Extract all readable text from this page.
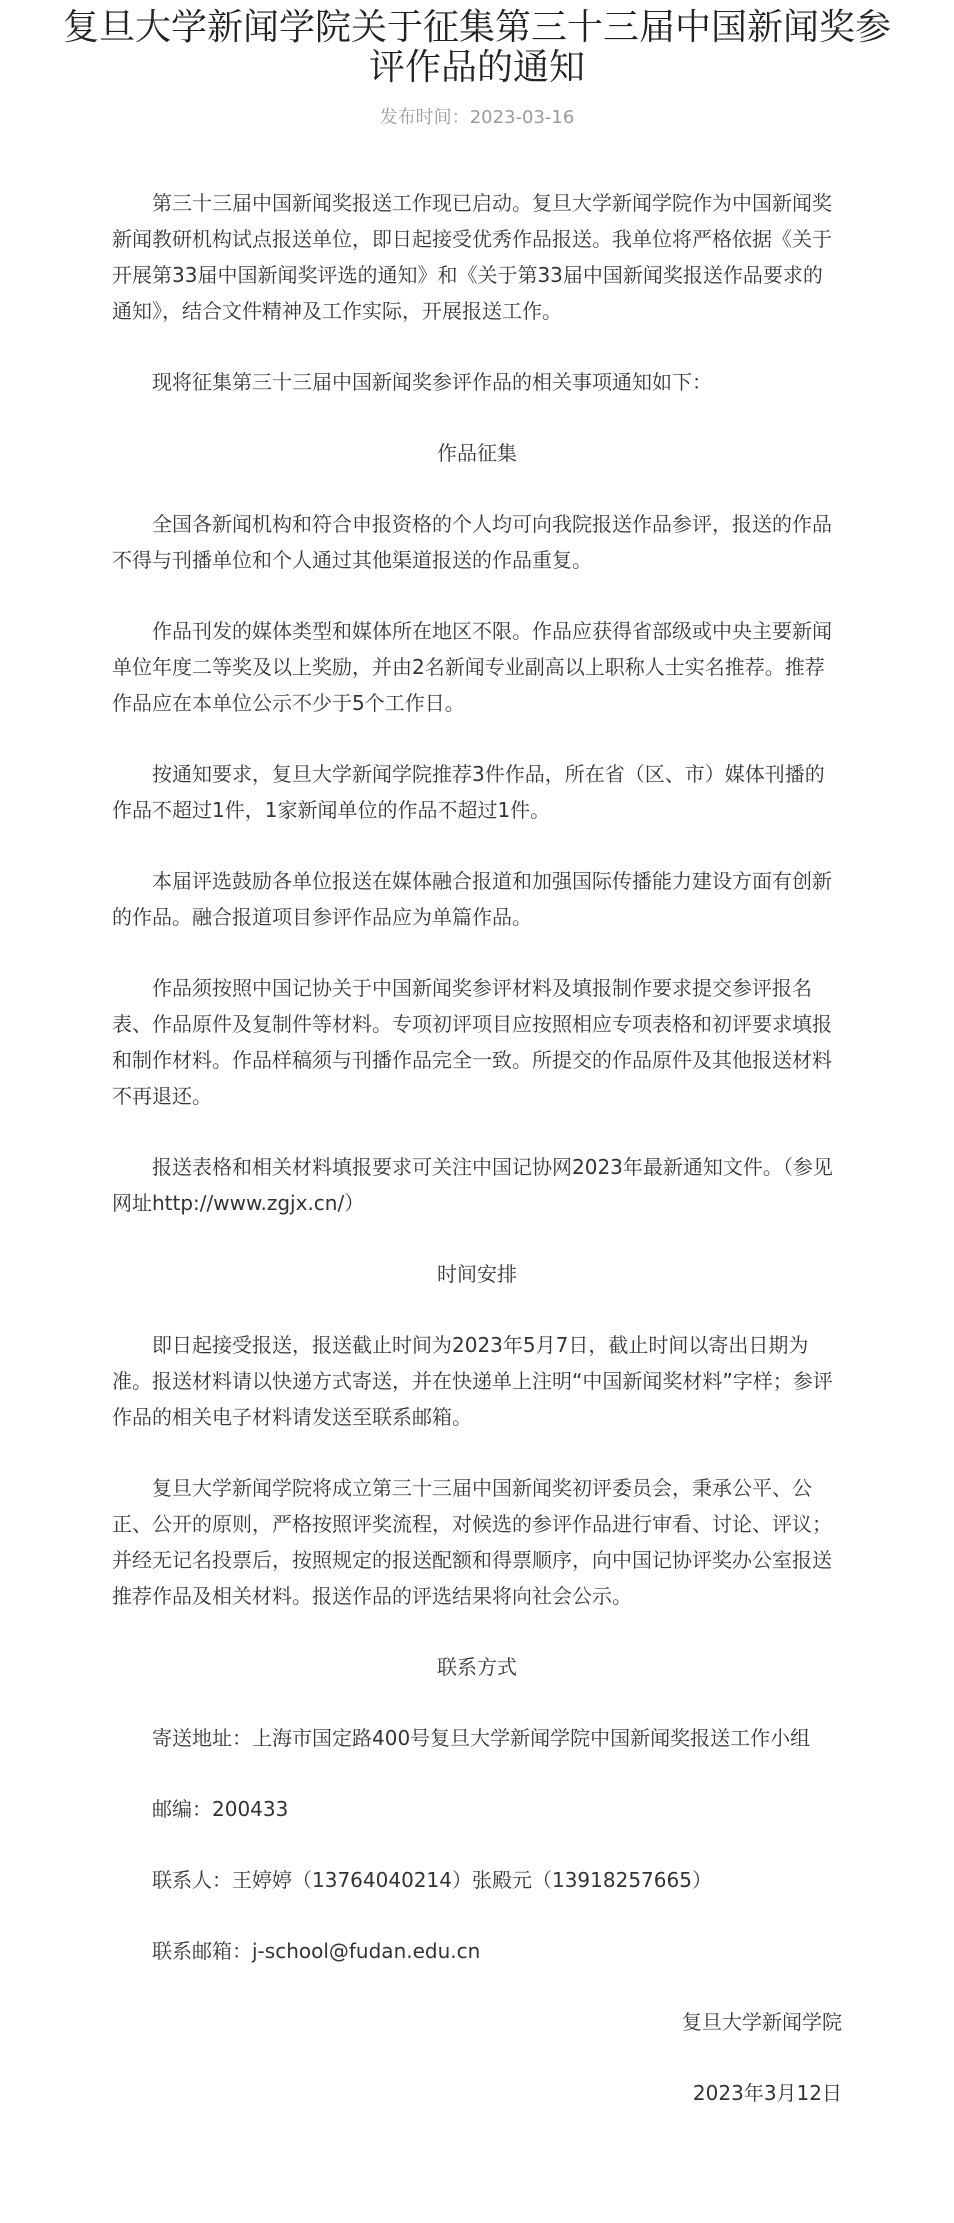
复旦大学新闻学院关于征集第三十三届中国新闻奖参评作品的通知
发布时间：2023-03-16

第三十三届中国新闻奖报送工作现已启动。复旦大学新闻学院作为中国新闻奖新闻教研机构试点报送单位，即日起接受优秀作品报送。我单位将严格依据《关于开展第33届中国新闻奖评选的通知》和《关于第33届中国新闻奖报送作品要求的通知》，结合文件精神及工作实际，开展报送工作。

现将征集第三十三届中国新闻奖参评作品的相关事项通知如下：

作品征集

全国各新闻机构和符合申报资格的个人均可向我院报送作品参评，报送的作品不得与刊播单位和个人通过其他渠道报送的作品重复。

作品刊发的媒体类型和媒体所在地区不限。作品应获得省部级或中央主要新闻单位年度二等奖及以上奖励，并由2名新闻专业副高以上职称人士实名推荐。推荐作品应在本单位公示不少于5个工作日。

按通知要求，复旦大学新闻学院推荐3件作品，所在省（区、市）媒体刊播的作品不超过1件，1家新闻单位的作品不超过1件。

本届评选鼓励各单位报送在媒体融合报道和加强国际传播能力建设方面有创新的作品。融合报道项目参评作品应为单篇作品。

作品须按照中国记协关于中国新闻奖参评材料及填报制作要求提交参评报名表、作品原件及复制件等材料。专项初评项目应按照相应专项表格和初评要求填报和制作材料。作品样稿须与刊播作品完全一致。所提交的作品原件及其他报送材料不再退还。

报送表格和相关材料填报要求可关注中国记协网2023年最新通知文件。（参见网址http://www.zgjx.cn/）

时间安排

即日起接受报送，报送截止时间为2023年5月7日，截止时间以寄出日期为准。报送材料请以快递方式寄送，并在快递单上注明“中国新闻奖材料”字样；参评作品的相关电子材料请发送至联系邮箱。

复旦大学新闻学院将成立第三十三届中国新闻奖初评委员会，秉承公平、公正、公开的原则，严格按照评奖流程，对候选的参评作品进行审看、讨论、评议；并经无记名投票后，按照规定的报送配额和得票顺序，向中国记协评奖办公室报送推荐作品及相关材料。报送作品的评选结果将向社会公示。

联系方式

寄送地址：上海市国定路400号复旦大学新闻学院中国新闻奖报送工作小组

邮编：200433

联系人：王婷婷（13764040214）张殿元（13918257665）

联系邮箱：j-school@fudan.edu.cn

复旦大学新闻学院

2023年3月12日
